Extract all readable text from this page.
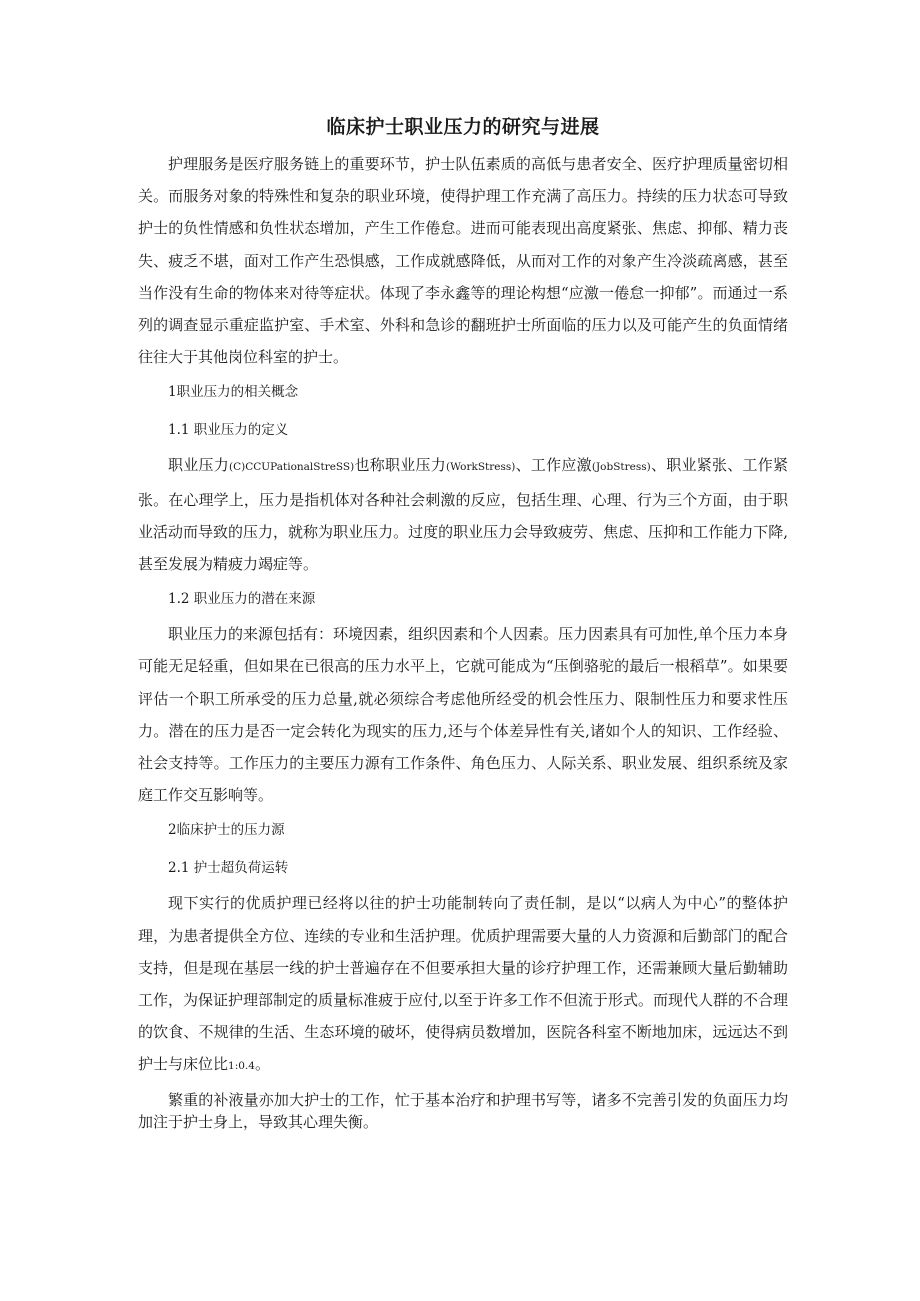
临床护士职业压力的研究与进展

护理服务是医疗服务链上的重要环节，护士队伍素质的高低与患者安全、医疗护理质量密切相关。而服务对象的特殊性和复杂的职业环境，使得护理工作充满了高压力。持续的压力状态可导致护士的负性情感和负性状态增加，产生工作倦怠。进而可能表现出高度紧张、焦虑、抑郁、精力丧失、疲乏不堪，面对工作产生恐惧感，工作成就感降低，从而对工作的对象产生冷淡疏离感，甚至当作没有生命的物体来对待等症状。体现了李永鑫等的理论构想“应激一倦怠一抑郁”。而通过一系列的调查显示重症监护室、手术室、外科和急诊的翻班护士所面临的压力以及可能产生的负面情绪往往大于其他岗位科室的护士。

1职业压力的相关概念

1.1 职业压力的定义

职业压力(C)CCUPationalStreSS)也称职业压力(WorkStress)、工作应激(JobStress)、职业紧张、工作紧张。在心理学上，压力是指机体对各种社会刺激的反应，包括生理、心理、行为三个方面，由于职业活动而导致的压力，就称为职业压力。过度的职业压力会导致疲劳、焦虑、压抑和工作能力下降,甚至发展为精疲力竭症等。

1.2 职业压力的潜在来源

职业压力的来源包括有：环境因素，组织因素和个人因素。压力因素具有可加性,单个压力本身可能无足轻重，但如果在已很高的压力水平上，它就可能成为“压倒骆驼的最后一根稻草”。如果要评估一个职工所承受的压力总量,就必须综合考虑他所经受的机会性压力、限制性压力和要求性压力。潜在的压力是否一定会转化为现实的压力,还与个体差异性有关,诸如个人的知识、工作经验、社会支持等。工作压力的主要压力源有工作条件、角色压力、人际关系、职业发展、组织系统及家庭工作交互影响等。

2临床护士的压力源

2.1 护士超负荷运转

现下实行的优质护理已经将以往的护士功能制转向了责任制，是以“以病人为中心”的整体护理，为患者提供全方位、连续的专业和生活护理。优质护理需要大量的人力资源和后勤部门的配合支持，但是现在基层一线的护士普遍存在不但要承担大量的诊疗护理工作，还需兼顾大量后勤辅助工作，为保证护理部制定的质量标准疲于应付,以至于许多工作不但流于形式。而现代人群的不合理的饮食、不规律的生活、生态环境的破坏，使得病员数增加，医院各科室不断地加床，远远达不到护士与床位比1:0.4。

繁重的补液量亦加大护士的工作，忙于基本治疗和护理书写等，诸多不完善引发的负面压力均加注于护士身上，导致其心理失衡。
